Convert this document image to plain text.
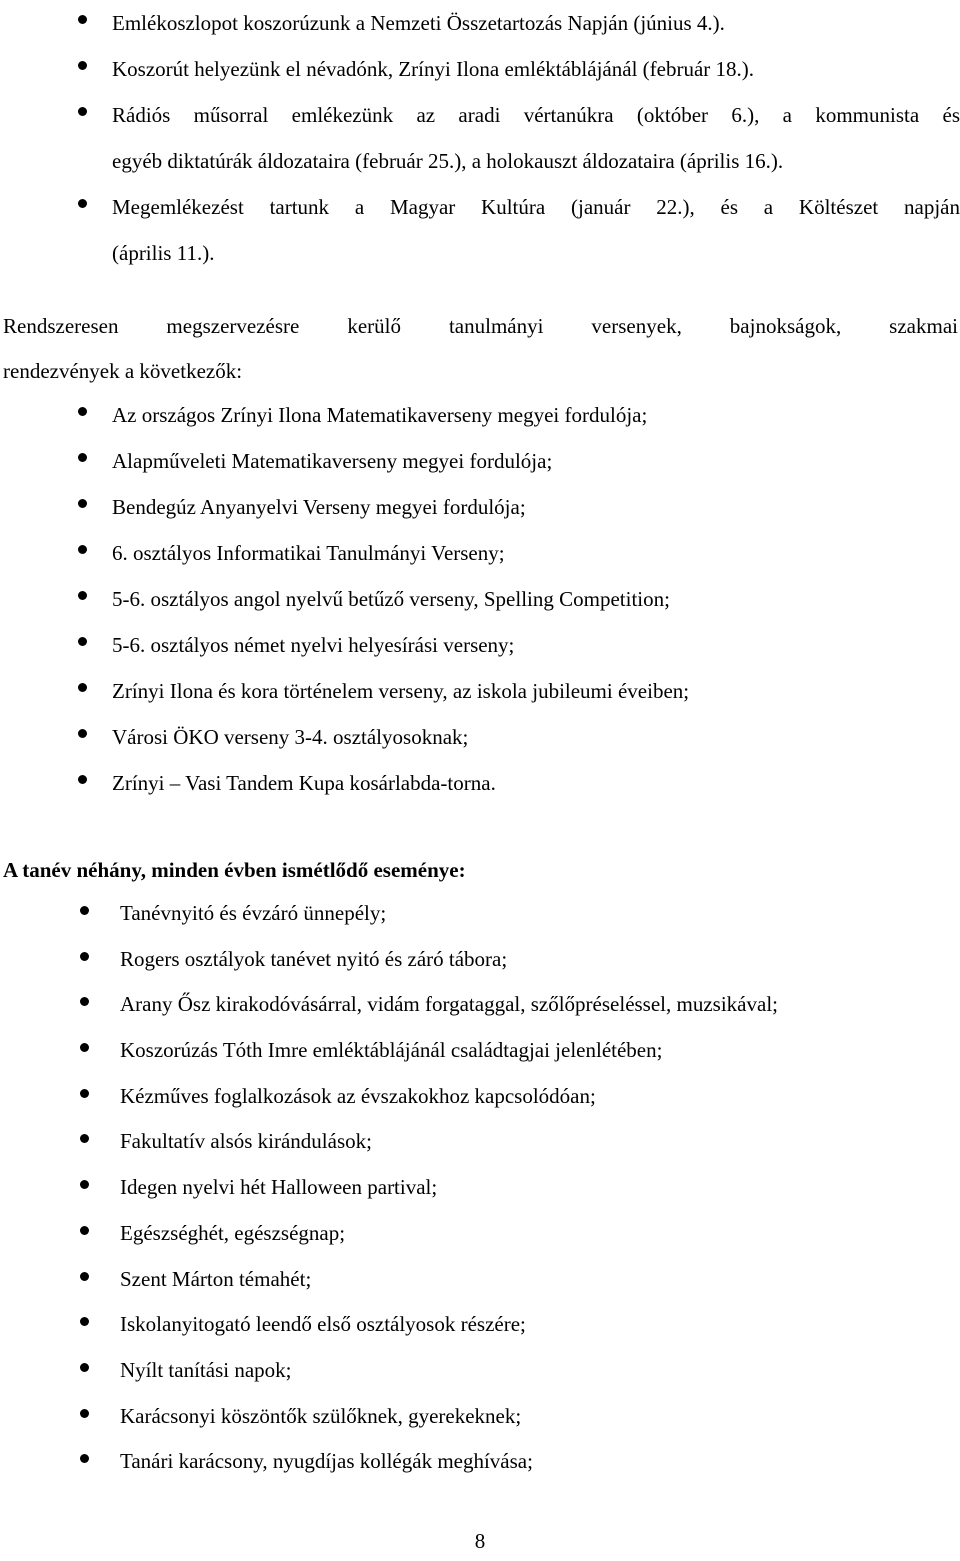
Emlékoszlopot koszorúzunk a Nemzeti Összetartozás Napján (június 4.).
Koszorút helyezünk el névadónk, Zrínyi Ilona emléktáblájánál (február 18.).
Rádiós műsorral emlékezünk az aradi vértanúkra (október 6.), a kommunista és
egyéb diktatúrák áldozataira (február 25.), a holokauszt áldozataira (április 16.).
Megemlékezést tartunk a Magyar Kultúra (január 22.), és a Költészet napján
(április 11.).

Rendszeresen megszervezésre kerülő tanulmányi versenyek, bajnokságok, szakmai
rendezvények a következők:

Az országos Zrínyi Ilona Matematikaverseny megyei fordulója;
Alapműveleti Matematikaverseny megyei fordulója;
Bendegúz Anyanyelvi Verseny megyei fordulója;
6. osztályos Informatikai Tanulmányi Verseny;
5-6. osztályos angol nyelvű betűző verseny, Spelling Competition;
5-6. osztályos német nyelvi helyesírási verseny;
Zrínyi Ilona és kora történelem verseny, az iskola jubileumi éveiben;
Városi ÖKO verseny 3-4. osztályosoknak;
Zrínyi – Vasi Tandem Kupa kosárlabda-torna.
A tanév néhány, minden évben ismétlődő eseménye:
Tanévnyitó és évzáró ünnepély;
Rogers osztályok tanévet nyitó és záró tábora;
Arany Ősz kirakodóvásárral, vidám forgataggal, szőlőpréseléssel, muzsikával;
Koszorúzás Tóth Imre emléktáblájánál családtagjai jelenlétében;
Kézműves foglalkozások az évszakokhoz kapcsolódóan;
Fakultatív alsós kirándulások;
Idegen nyelvi hét Halloween partival;
Egészséghét, egészségnap;
Szent Márton témahét;
Iskolanyitogató leendő első osztályosok részére;
Nyílt tanítási napok;
Karácsonyi köszöntők szülőknek, gyerekeknek;
Tanári karácsony, nyugdíjas kollégák meghívása;
8
